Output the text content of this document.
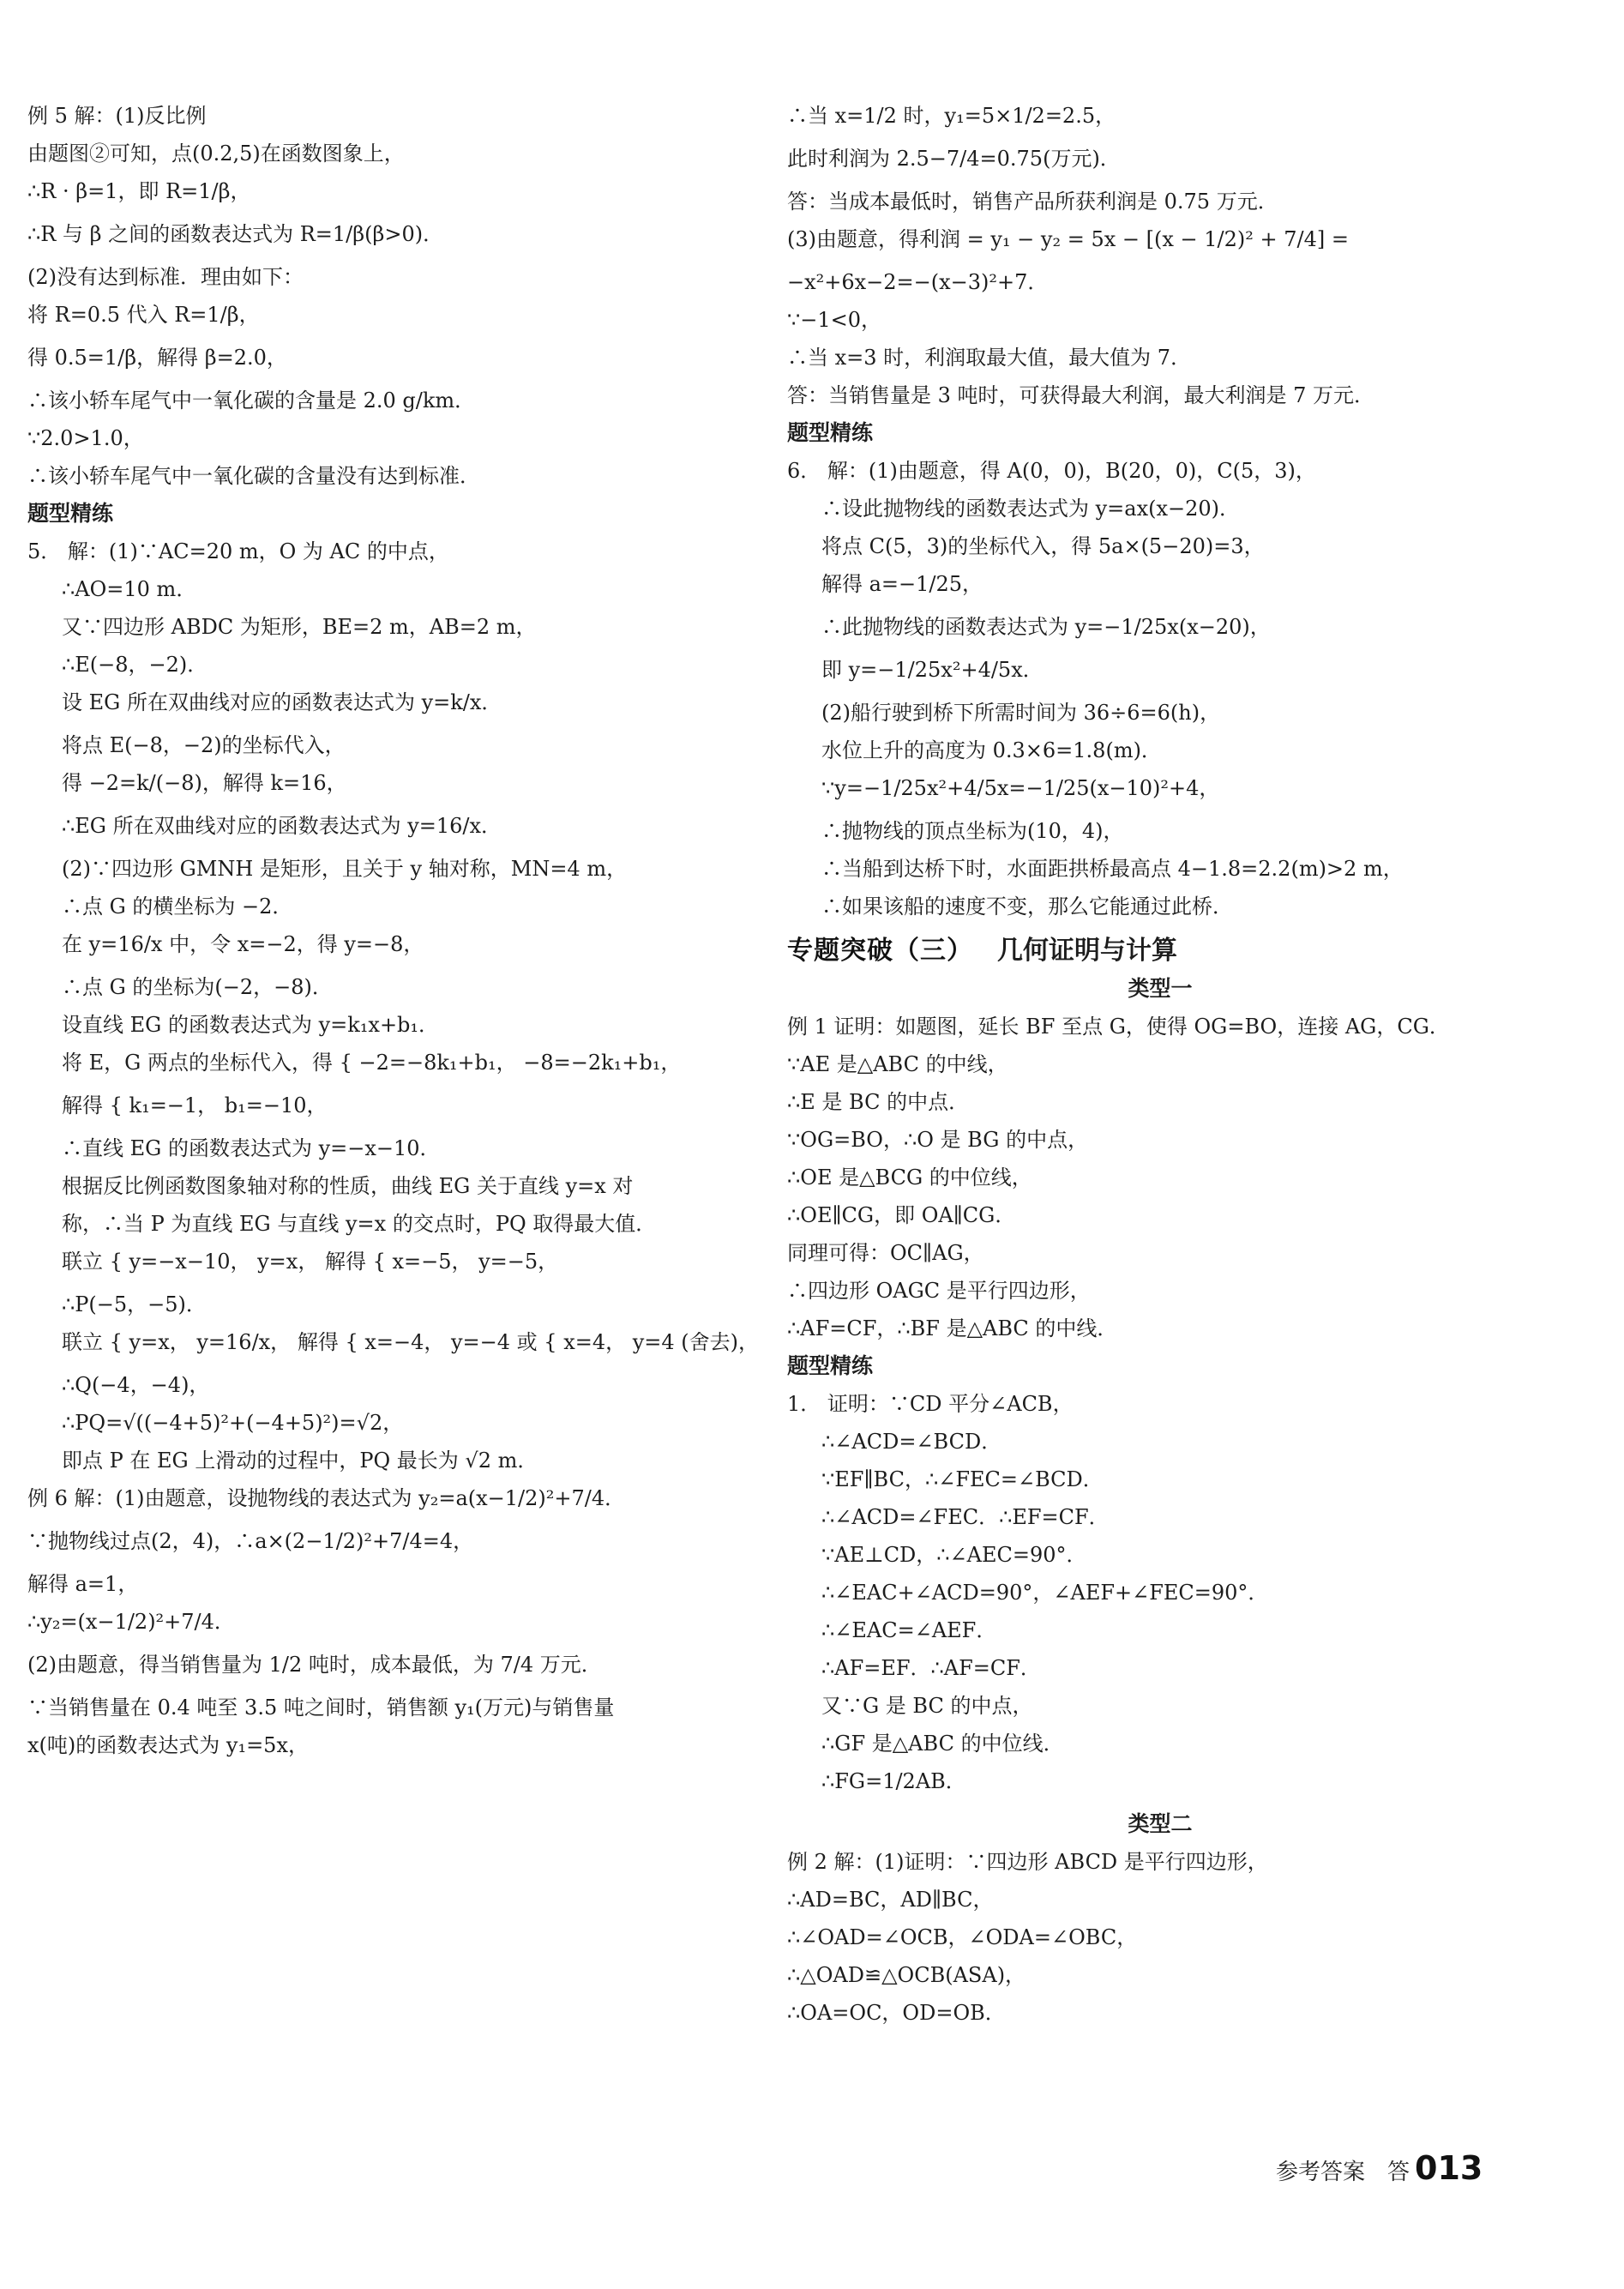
例 5 解：(1)反比例
由题图②可知，点(0.2,5)在函数图象上，
∴R · β=1，即 R=1/β，
∴R 与 β 之间的函数表达式为 R=1/β(β>0)．
(2)没有达到标准．理由如下：
将 R=0.5 代入 R=1/β，
得 0.5=1/β，解得 β=2.0，
∴该小轿车尾气中一氧化碳的含量是 2.0 g/km．
∵2.0>1.0，
∴该小轿车尾气中一氧化碳的含量没有达到标准．
题型精练
5． 解：(1)∵AC=20 m，O 为 AC 的中点，
∴AO=10 m．
又∵四边形 ABDC 为矩形，BE=2 m，AB=2 m，
∴E(−8，−2)．
设 EG 所在双曲线对应的函数表达式为 y=k/x．
将点 E(−8，−2)的坐标代入，
得 −2=k/(−8)，解得 k=16，
∴EG 所在双曲线对应的函数表达式为 y=16/x．
(2)∵四边形 GMNH 是矩形，且关于 y 轴对称，MN=4 m，
∴点 G 的横坐标为 −2．
在 y=16/x 中，令 x=−2，得 y=−8，
∴点 G 的坐标为(−2，−8)．
设直线 EG 的函数表达式为 y=k₁x+b₁．
将 E，G 两点的坐标代入，得 { −2=−8k₁+b₁， −8=−2k₁+b₁，
解得 { k₁=−1， b₁=−10，
∴直线 EG 的函数表达式为 y=−x−10．
根据反比例函数图象轴对称的性质，曲线 EG 关于直线 y=x 对
称，∴当 P 为直线 EG 与直线 y=x 的交点时，PQ 取得最大值．
联立 { y=−x−10， y=x， 解得 { x=−5， y=−5，
∴P(−5，−5)．
联立 { y=x， y=16/x， 解得 { x=−4， y=−4 或 { x=4， y=4 (舍去)，
∴Q(−4，−4)，
∴PQ=√((−4+5)²+(−4+5)²)=√2，
即点 P 在 EG 上滑动的过程中，PQ 最长为 √2 m．
例 6 解：(1)由题意，设抛物线的表达式为 y₂=a(x−1/2)²+7/4．
∵抛物线过点(2，4)，∴a×(2−1/2)²+7/4=4，
解得 a=1，
∴y₂=(x−1/2)²+7/4．
(2)由题意，得当销售量为 1/2 吨时，成本最低，为 7/4 万元．
∵当销售量在 0.4 吨至 3.5 吨之间时，销售额 y₁(万元)与销售量
x(吨)的函数表达式为 y₁=5x，
∴当 x=1/2 时，y₁=5×1/2=2.5，
此时利润为 2.5−7/4=0.75(万元)．
答：当成本最低时，销售产品所获利润是 0.75 万元．
(3)由题意，得利润 = y₁ − y₂ = 5x − [(x − 1/2)² + 7/4] =
−x²+6x−2=−(x−3)²+7．
∵−1<0，
∴当 x=3 时，利润取最大值，最大值为 7．
答：当销售量是 3 吨时，可获得最大利润，最大利润是 7 万元．
题型精练
6． 解：(1)由题意，得 A(0，0)，B(20，0)，C(5，3)，
∴设此抛物线的函数表达式为 y=ax(x−20)．
将点 C(5，3)的坐标代入，得 5a×(5−20)=3，
解得 a=−1/25，
∴此抛物线的函数表达式为 y=−1/25x(x−20)，
即 y=−1/25x²+4/5x．
(2)船行驶到桥下所需时间为 36÷6=6(h)，
水位上升的高度为 0.3×6=1.8(m)．
∵y=−1/25x²+4/5x=−1/25(x−10)²+4，
∴抛物线的顶点坐标为(10，4)，
∴当船到达桥下时，水面距拱桥最高点 4−1.8=2.2(m)>2 m，
∴如果该船的速度不变，那么它能通过此桥．
专题突破（三） 几何证明与计算
类型一
例 1 证明：如题图，延长 BF 至点 G，使得 OG=BO，连接 AG，CG．
∵AE 是△ABC 的中线，
∴E 是 BC 的中点．
∵OG=BO，∴O 是 BG 的中点，
∴OE 是△BCG 的中位线，
∴OE∥CG，即 OA∥CG．
同理可得：OC∥AG，
∴四边形 OAGC 是平行四边形，
∴AF=CF，∴BF 是△ABC 的中线．
题型精练
1． 证明：∵CD 平分∠ACB，
∴∠ACD=∠BCD．
∵EF∥BC，∴∠FEC=∠BCD．
∴∠ACD=∠FEC．∴EF=CF．
∵AE⊥CD，∴∠AEC=90°．
∴∠EAC+∠ACD=90°，∠AEF+∠FEC=90°．
∴∠EAC=∠AEF．
∴AF=EF．∴AF=CF．
又∵G 是 BC 的中点，
∴GF 是△ABC 的中位线．
∴FG=1/2AB．
类型二
例 2 解：(1)证明：∵四边形 ABCD 是平行四边形，
∴AD=BC，AD∥BC，
∴∠OAD=∠OCB，∠ODA=∠OBC，
∴△OAD≌△OCB(ASA)，
∴OA=OC，OD=OB．
参考答案 答 013
